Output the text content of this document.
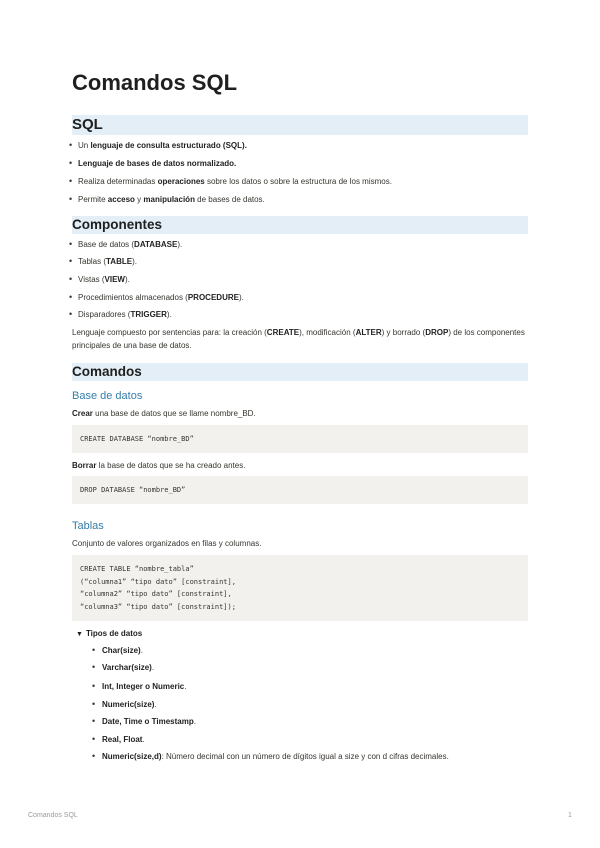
Comandos SQL
SQL
• Un lenguaje de consulta estructurado (SQL).
• Lenguaje de bases de datos normalizado.
• Realiza determinadas operaciones sobre los datos o sobre la estructura de los mismos.
• Permite acceso y manipulación de bases de datos.
Componentes
• Base de datos (DATABASE).
• Tablas (TABLE).
• Vistas (VIEW).
• Procedimientos almacenados (PROCEDURE).
• Disparadores (TRIGGER).
Lenguaje compuesto por sentencias para: la creación (CREATE), modificación (ALTER) y borrado (DROP) de los componentes principales de una base de datos.
Comandos
Base de datos
Crear una base de datos que se llame nombre_BD.
CREATE DATABASE “nombre_BD”
Borrar la base de datos que se ha creado antes.
DROP DATABASE “nombre_BD”
Tablas
Conjunto de valores organizados en filas y columnas.
CREATE TABLE “nombre_tabla”
(“columna1” “tipo dato” [constraint],
“columna2” “tipo dato” [constraint],
“columna3” “tipo dato” [constraint]);
▼ Tipos de datos
• Char(size).
• Varchar(size).
• Int, Integer o Numeric.
• Numeric(size).
• Date, Time o Timestamp.
• Real, Float.
• Numeric(size,d): Número decimal con un número de dígitos igual a size y con d cifras decimales.
Comandos SQL	1
